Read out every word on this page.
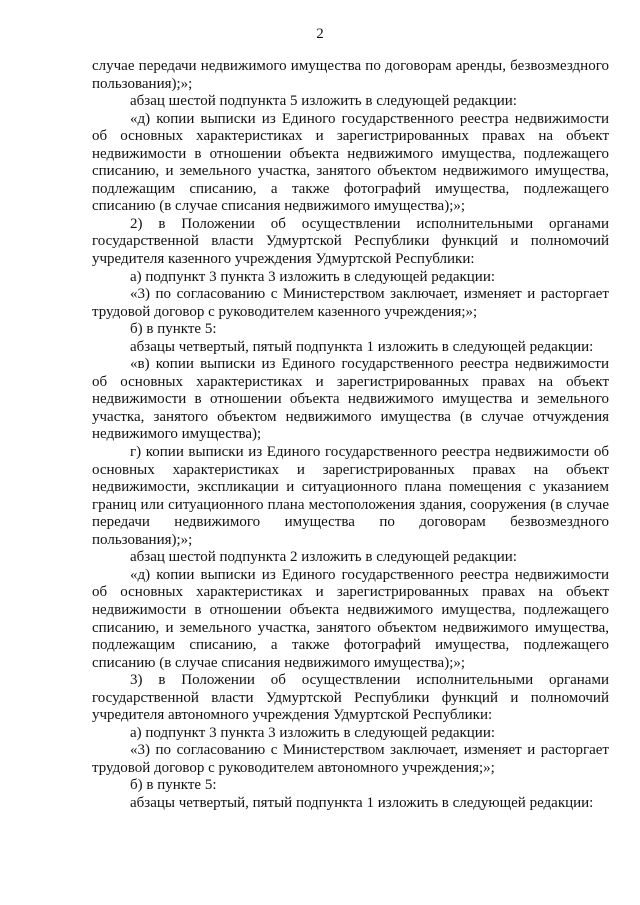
2

случае передачи недвижимого имущества по договорам аренды, безвозмездного пользования);»;

абзац шестой подпункта 5 изложить в следующей редакции:

«д) копии выписки из Единого государственного реестра недвижимости об основных характеристиках и зарегистрированных правах на объект недвижимости в отношении объекта недвижимого имущества, подлежащего списанию, и земельного участка, занятого объектом недвижимого имущества, подлежащим списанию, а также фотографий имущества, подлежащего списанию (в случае списания недвижимого имущества);»;

2) в Положении об осуществлении исполнительными органами государственной власти Удмуртской Республики функций и полномочий учредителя казенного учреждения Удмуртской Республики:

а) подпункт 3 пункта 3 изложить в следующей редакции:

«3) по согласованию с Министерством заключает, изменяет и расторгает трудовой договор с руководителем казенного учреждения;»;

б) в пункте 5:

абзацы четвертый, пятый подпункта 1 изложить в следующей редакции:

«в) копии выписки из Единого государственного реестра недвижимости об основных характеристиках и зарегистрированных правах на объект недвижимости в отношении объекта недвижимого имущества и земельного участка, занятого объектом недвижимого имущества (в случае отчуждения недвижимого имущества);

г) копии выписки из Единого государственного реестра недвижимости об основных характеристиках и зарегистрированных правах на объект недвижимости, экспликации и ситуационного плана помещения с указанием границ или ситуационного плана местоположения здания, сооружения (в случае передачи недвижимого имущества по договорам безвозмездного пользования);»;

абзац шестой подпункта 2 изложить в следующей редакции:

«д) копии выписки из Единого государственного реестра недвижимости об основных характеристиках и зарегистрированных правах на объект недвижимости в отношении объекта недвижимого имущества, подлежащего списанию, и земельного участка, занятого объектом недвижимого имущества, подлежащим списанию, а также фотографий имущества, подлежащего списанию (в случае списания недвижимого имущества);»;

3) в Положении об осуществлении исполнительными органами государственной власти Удмуртской Республики функций и полномочий учредителя автономного учреждения Удмуртской Республики:

а) подпункт 3 пункта 3 изложить в следующей редакции:

«3) по согласованию с Министерством заключает, изменяет и расторгает трудовой договор с руководителем автономного учреждения;»;

б) в пункте 5:

абзацы четвертый, пятый подпункта 1 изложить в следующей редакции:
